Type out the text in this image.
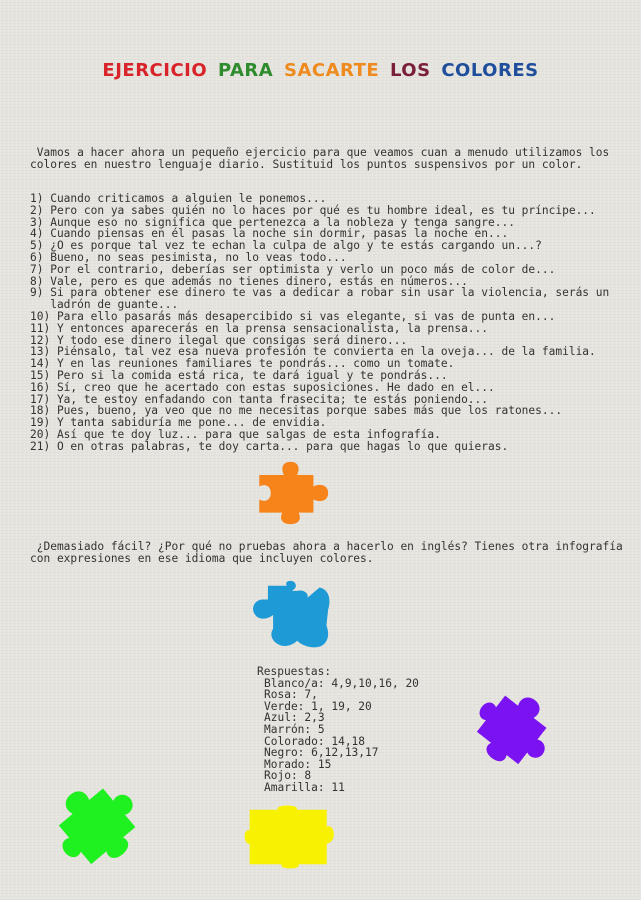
EJERCICIO PARA SACARTE LOS COLORES
Vamos a hacer ahora un pequeño ejercicio para que veamos cuan a menudo utilizamos los
colores en nuestro lenguaje diario. Sustituid los puntos suspensivos por un color.
1) Cuando criticamos a alguien le ponemos...
2) Pero con ya sabes quién no lo haces por qué es tu hombre ideal, es tu príncipe...
3) Aunque eso no significa que pertenezca a la nobleza y tenga sangre...
4) Cuando piensas en él pasas la noche sin dormir, pasas la noche en...
5) ¿O es porque tal vez te echan la culpa de algo y te estás cargando un...?
6) Bueno, no seas pesimista, no lo veas todo...
7) Por el contrario, deberías ser optimista y verlo un poco más de color de...
8) Vale, pero es que además no tienes dinero, estás en números...
9) Si para obtener ese dinero te vas a dedicar a robar sin usar la violencia, serás un
ladrón de guante...
10) Para ello pasarás más desapercibido si vas elegante, si vas de punta en...
11) Y entonces aparecerás en la prensa sensacionalista, la prensa...
12) Y todo ese dinero ilegal que consigas será dinero...
13) Piénsalo, tal vez esa nueva profesión te convierta en la oveja... de la familia.
14) Y en las reuniones familiares te pondrás... como un tomate.
15) Pero si la comida está rica, te dará igual y te pondrás...
16) Sí, creo que he acertado con estas suposiciones. He dado en el...
17) Ya, te estoy enfadando con tanta frasecita; te estás poniendo...
18) Pues, bueno, ya veo que no me necesitas porque sabes más que los ratones...
19) Y tanta sabiduría me pone... de envidia.
20) Así que te doy luz... para que salgas de esta infografía.
21) O en otras palabras, te doy carta... para que hagas lo que quieras.
¿Demasiado fácil? ¿Por qué no pruebas ahora a hacerlo en inglés? Tienes otra infografía
con expresiones en ese idioma que incluyen colores.
Respuestas:
Blanco/a: 4,9,10,16, 20
Rosa: 7,
Verde: 1, 19, 20
Azul: 2,3
Marrón: 5
Colorado: 14,18
Negro: 6,12,13,17
Morado: 15
Rojo: 8
Amarilla: 11
